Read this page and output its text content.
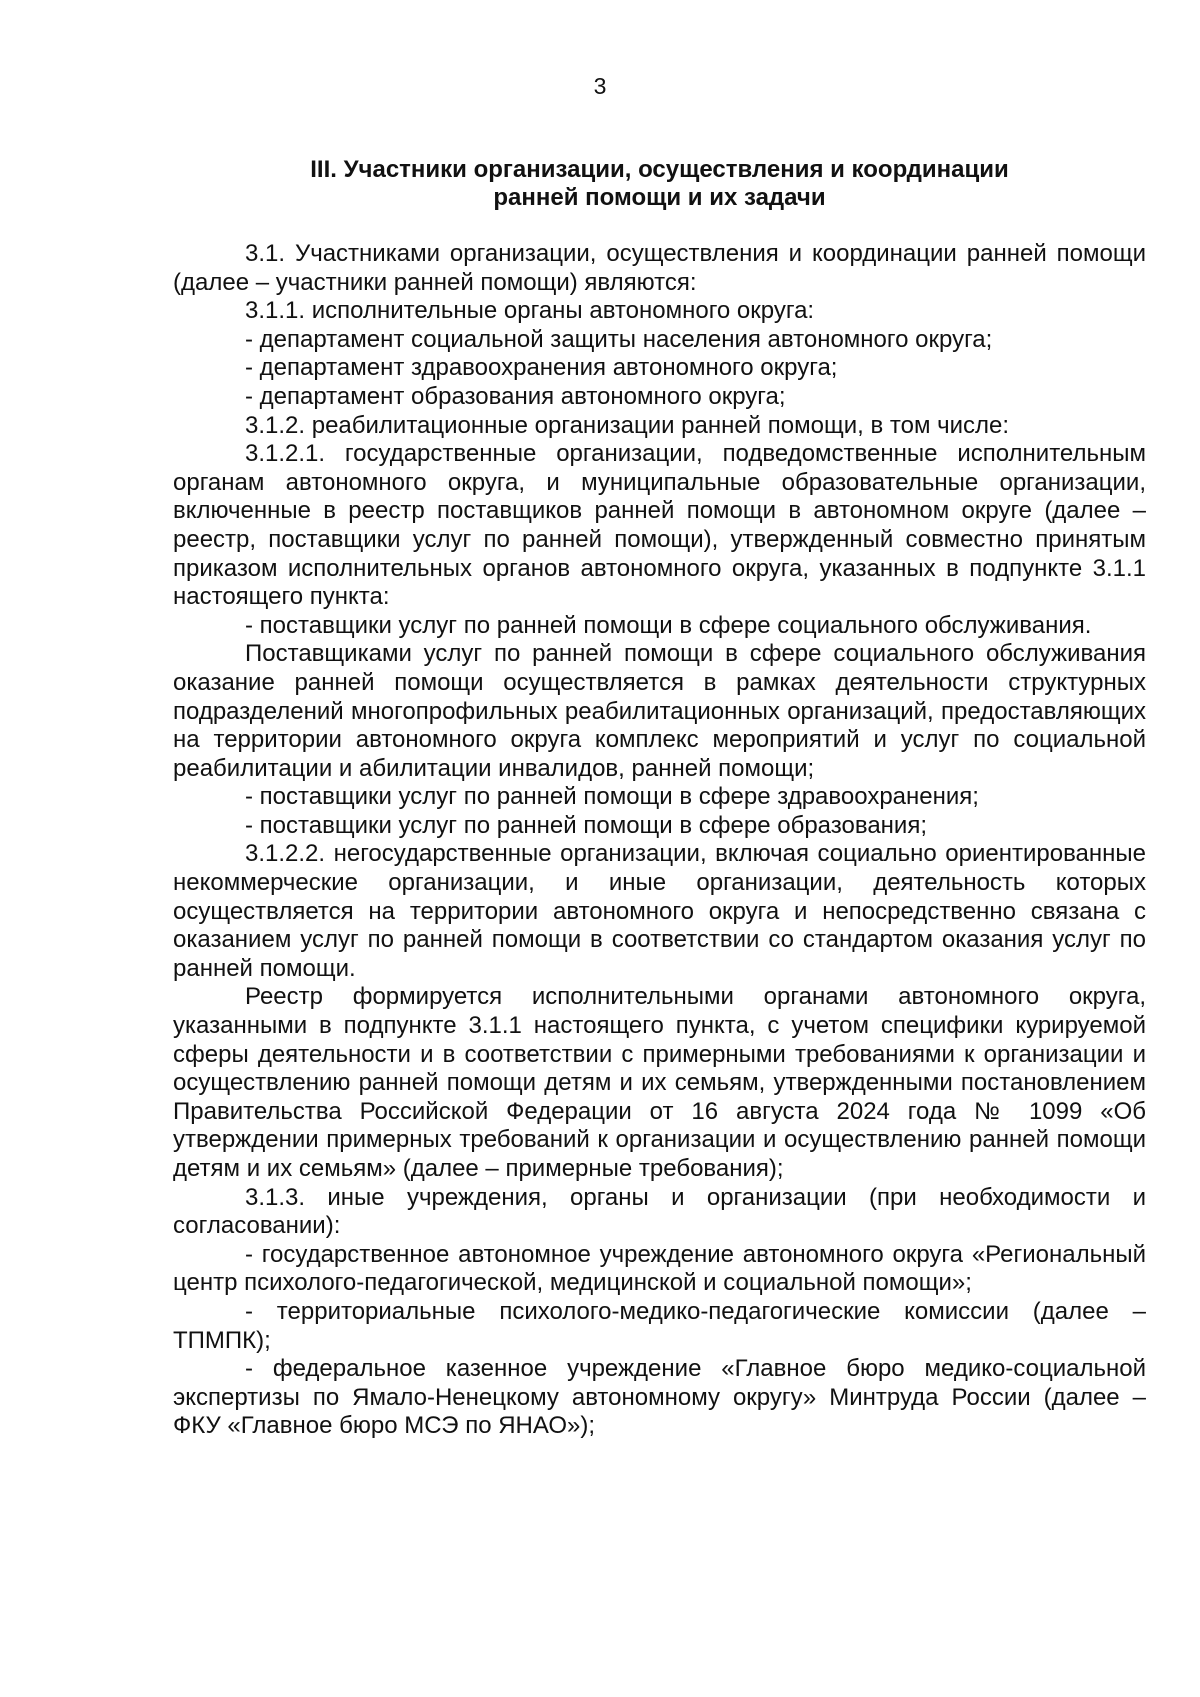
3
III. Участники организации, осуществления и координации
ранней помощи и их задачи

3.1. Участниками организации, осуществления и координации ранней помощи (далее – участники ранней помощи) являются:

3.1.1. исполнительные органы автономного округа:

- департамент социальной защиты населения автономного округа;

- департамент здравоохранения автономного округа;

- департамент образования автономного округа;

3.1.2. реабилитационные организации ранней помощи, в том числе:

3.1.2.1. государственные организации, подведомственные исполнительным органам автономного округа, и муниципальные образовательные организации, включенные в реестр поставщиков ранней помощи в автономном округе (далее – реестр, поставщики услуг по ранней помощи), утвержденный совместно принятым приказом исполнительных органов автономного округа, указанных в подпункте 3.1.1 настоящего пункта:

- поставщики услуг по ранней помощи в сфере социального обслуживания.

Поставщиками услуг по ранней помощи в сфере социального обслуживания оказание ранней помощи осуществляется в рамках деятельности структурных подразделений многопрофильных реабилитационных организаций, предоставляющих на территории автономного округа комплекс мероприятий и услуг по социальной реабилитации и абилитации инвалидов, ранней помощи;

- поставщики услуг по ранней помощи в сфере здравоохранения;

- поставщики услуг по ранней помощи в сфере образования;

3.1.2.2. негосударственные организации, включая социально ориентированные некоммерческие организации, и иные организации, деятельность которых осуществляется на территории автономного округа и непосредственно связана с оказанием услуг по ранней помощи в соответствии со стандартом оказания услуг по ранней помощи.

Реестр формируется исполнительными органами автономного округа, указанными в подпункте 3.1.1 настоящего пункта, с учетом специфики курируемой сферы деятельности и в соответствии с примерными требованиями к организации и осуществлению ранней помощи детям и их семьям, утвержденными постановлением Правительства Российской Федерации от 16 августа 2024 года № 1099 «Об утверждении примерных требований к организации и осуществлению ранней помощи детям и их семьям» (далее – примерные требования);

3.1.3. иные учреждения, органы и организации (при необходимости и согласовании):

- государственное автономное учреждение автономного округа «Региональный центр психолого-педагогической, медицинской и социальной помощи»;

- территориальные психолого-медико-педагогические комиссии (далее – ТПМПК);

- федеральное казенное учреждение «Главное бюро медико-социальной экспертизы по Ямало-Ненецкому автономному округу» Минтруда России (далее – ФКУ «Главное бюро МСЭ по ЯНАО»);
